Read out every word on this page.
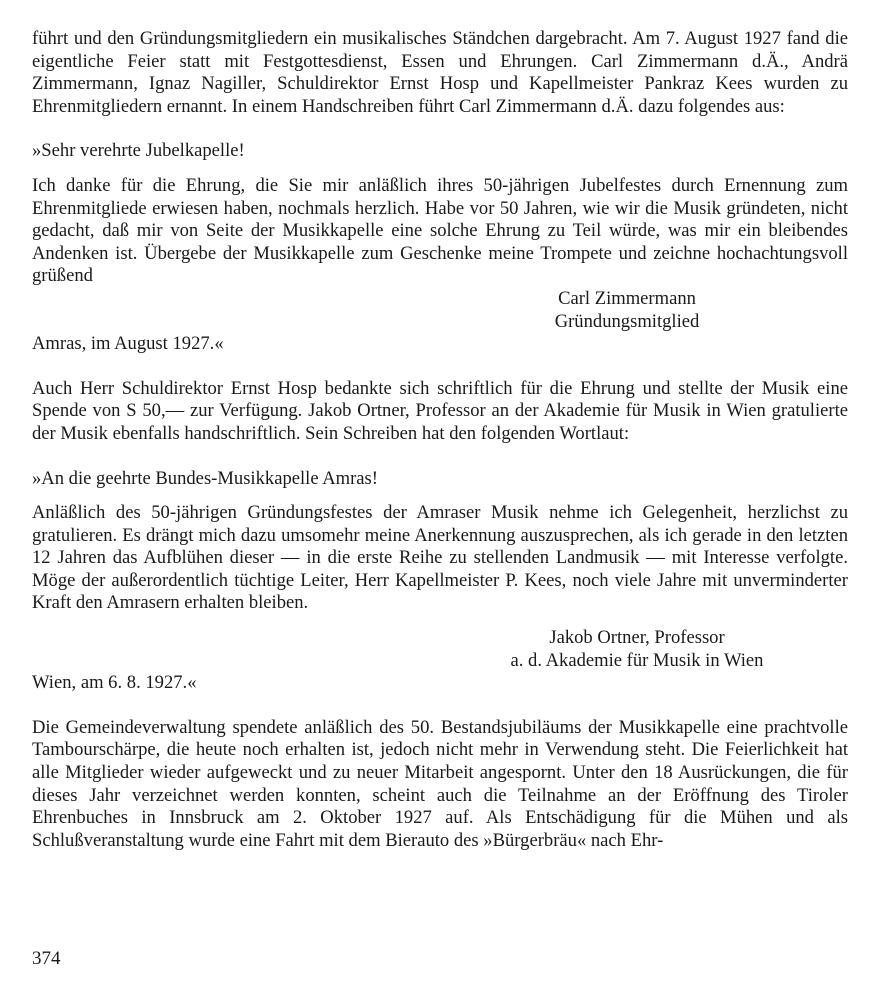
führt und den Gründungsmitgliedern ein musikalisches Ständchen dargebracht. Am 7. August 1927 fand die eigentliche Feier statt mit Festgottesdienst, Essen und Ehrungen. Carl Zimmermann d.Ä., Andrä Zimmermann, Ignaz Nagiller, Schuldirektor Ernst Hosp und Kapellmeister Pankraz Kees wurden zu Ehrenmitgliedern ernannt. In einem Handschreiben führt Carl Zimmermann d.Ä. dazu folgendes aus:

»Sehr verehrte Jubelkapelle!

Ich danke für die Ehrung, die Sie mir anläßlich ihres 50-jährigen Jubelfestes durch Ernennung zum Ehrenmitgliede erwiesen haben, nochmals herzlich. Habe vor 50 Jahren, wie wir die Musik gründeten, nicht gedacht, daß mir von Seite der Musikkapelle eine solche Ehrung zu Teil würde, was mir ein bleibendes Andenken ist. Übergebe der Musikkapelle zum Geschenke meine Trompete und zeichne hochachtungsvoll grüßend

Carl Zimmermann
Gründungsmitglied

Amras, im August 1927.«

Auch Herr Schuldirektor Ernst Hosp bedankte sich schriftlich für die Ehrung und stellte der Musik eine Spende von S 50,— zur Verfügung. Jakob Ortner, Professor an der Akademie für Musik in Wien gratulierte der Musik ebenfalls handschriftlich. Sein Schreiben hat den folgenden Wortlaut:

»An die geehrte Bundes-Musikkapelle Amras!

Anläßlich des 50-jährigen Gründungsfestes der Amraser Musik nehme ich Gelegenheit, herzlichst zu gratulieren. Es drängt mich dazu umsomehr meine Anerkennung auszusprechen, als ich gerade in den letzten 12 Jahren das Aufblühen dieser — in die erste Reihe zu stellenden Landmusik — mit Interesse verfolgte. Möge der außerordentlich tüchtige Leiter, Herr Kapellmeister P. Kees, noch viele Jahre mit unverminderter Kraft den Amrasern erhalten bleiben.

Jakob Ortner, Professor
a. d. Akademie für Musik in Wien

Wien, am 6. 8. 1927.«

Die Gemeindeverwaltung spendete anläßlich des 50. Bestandsjubiläums der Musikkapelle eine prachtvolle Tambourschärpe, die heute noch erhalten ist, jedoch nicht mehr in Verwendung steht. Die Feierlichkeit hat alle Mitglieder wieder aufgeweckt und zu neuer Mitarbeit angespornt. Unter den 18 Ausrückungen, die für dieses Jahr verzeichnet werden konnten, scheint auch die Teilnahme an der Eröffnung des Tiroler Ehrenbuches in Innsbruck am 2. Oktober 1927 auf. Als Entschädigung für die Mühen und als Schlußveranstaltung wurde eine Fahrt mit dem Bierauto des »Bürgerbräu« nach Ehr-

374
